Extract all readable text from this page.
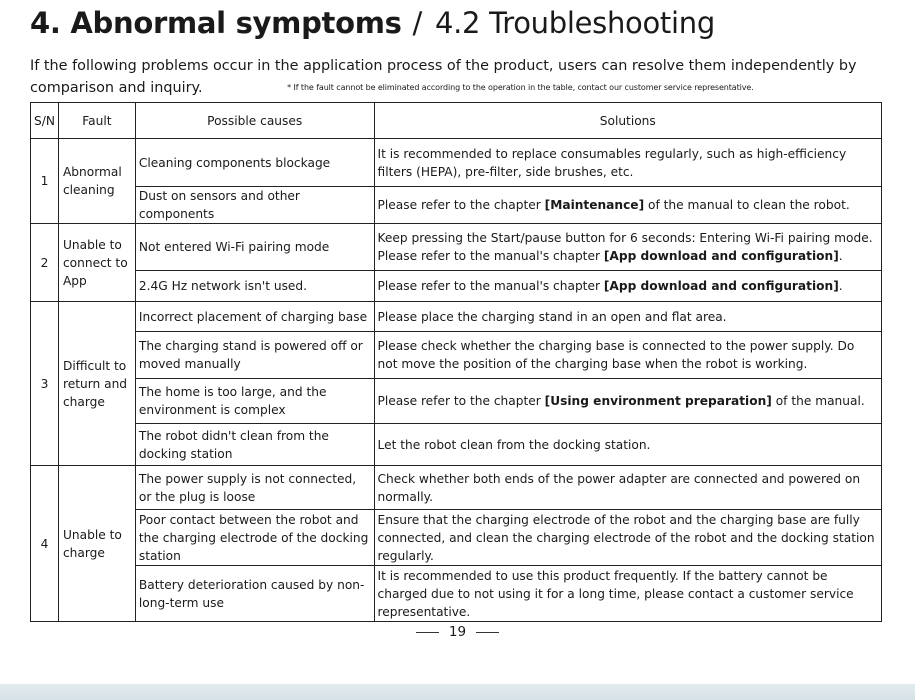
4. Abnormal symptoms / 4.2 Troubleshooting
If the following problems occur in the application process of the product, users can resolve them independently by comparison and inquiry.	* If the fault cannot be eliminated according to the operation in the table, contact our customer service representative.
S/N	Fault	Possible causes	Solutions
1	Abnormal cleaning	Cleaning components blockage	It is recommended to replace consumables regularly, such as high-efficiency filters (HEPA), pre-filter, side brushes, etc.
		Dust on sensors and other components	Please refer to the chapter [Maintenance] of the manual to clean the robot.
2	Unable to connect to App	Not entered Wi-Fi pairing mode	Keep pressing the Start/pause button for 6 seconds: Entering Wi-Fi pairing mode. Please refer to the manual's chapter [App download and configuration].
		2.4G Hz network isn't used.	Please refer to the manual's chapter [App download and configuration].
3	Difficult to return and charge	Incorrect placement of charging base	Please place the charging stand in an open and flat area.
		The charging stand is powered off or moved manually	Please check whether the charging base is connected to the power supply. Do not move the position of the charging base when the robot is working.
		The home is too large, and the environment is complex	Please refer to the chapter [Using environment preparation] of the manual.
		The robot didn't clean from the docking station	Let the robot clean from the docking station.
4	Unable to charge	The power supply is not connected, or the plug is loose	Check whether both ends of the power adapter are connected and powered on normally.
		Poor contact between the robot and the charging electrode of the docking station	Ensure that the charging electrode of the robot and the charging base are fully connected, and clean the charging electrode of the robot and the docking station regularly.
		Battery deterioration caused by non-long-term use	It is recommended to use this product frequently. If the battery cannot be charged due to not using it for a long time, please contact a customer service representative.
19
